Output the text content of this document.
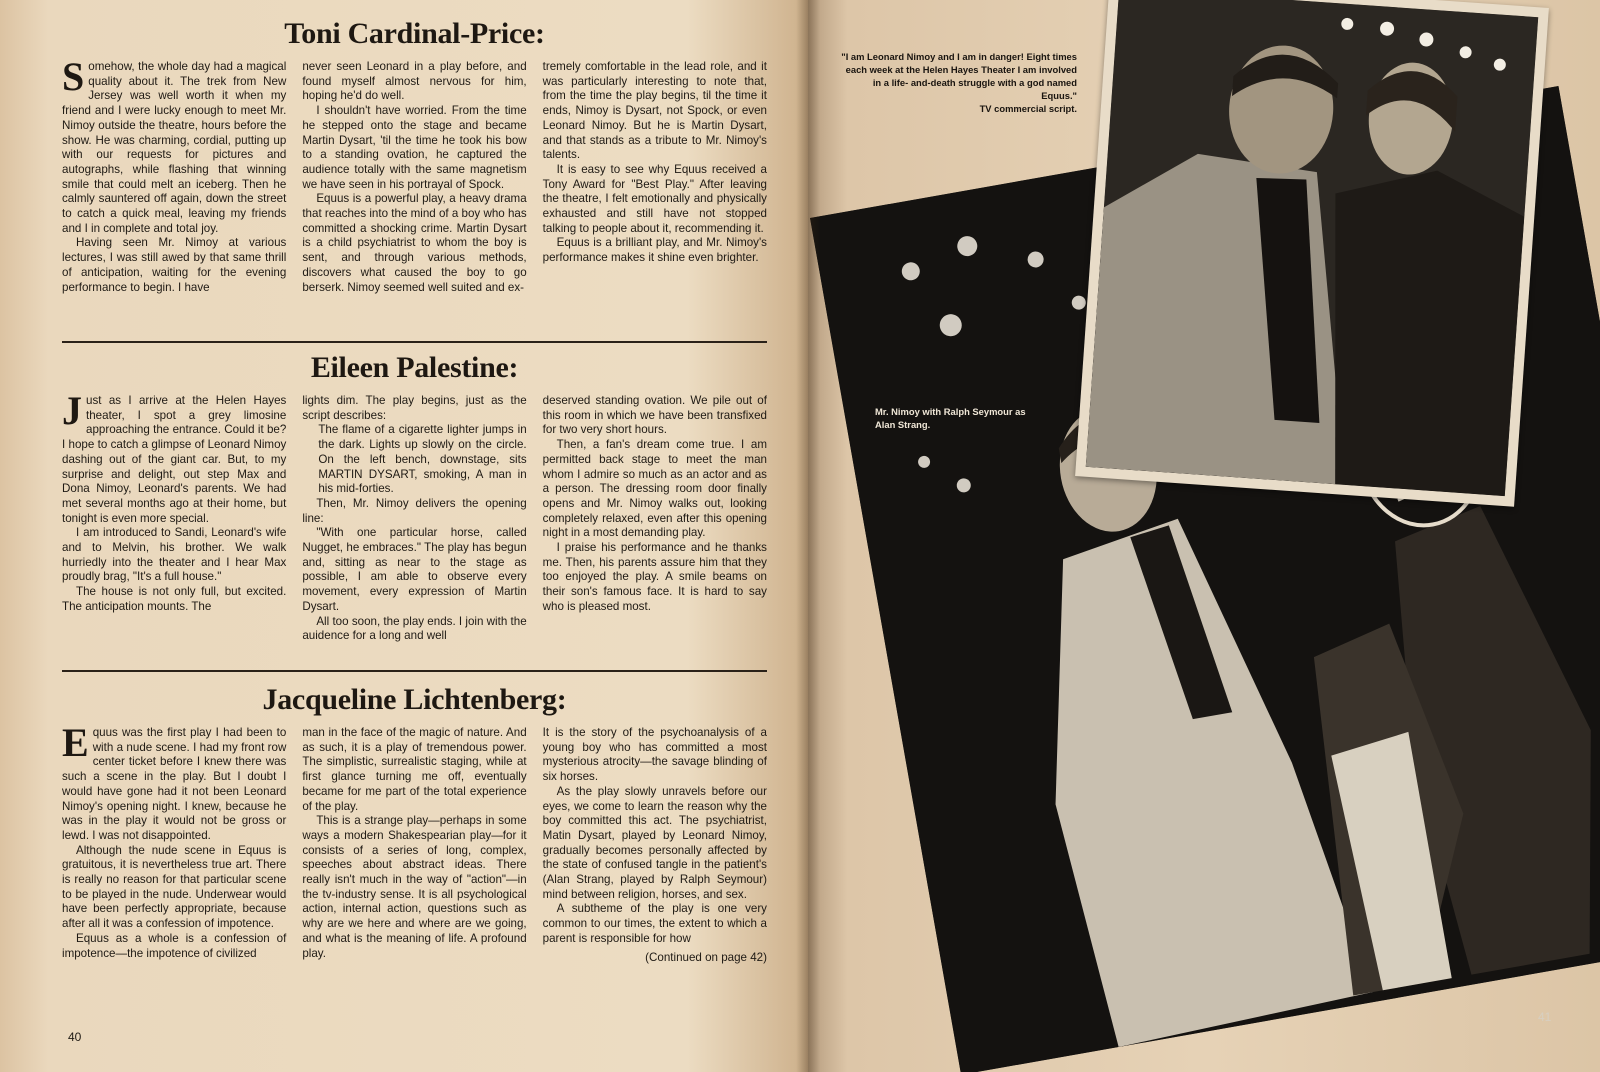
Toni Cardinal-Price:

Somehow, the whole day had a magical quality about it. The trek from New Jersey was well worth it when my friend and I were lucky enough to meet Mr. Nimoy outside the theatre, hours before the show. He was charming, cordial, putting up with our requests for pictures and autographs, while flashing that winning smile that could melt an iceberg. Then he calmly sauntered off again, down the street to catch a quick meal, leaving my friends and I in complete and total joy.

Having seen Mr. Nimoy at various lectures, I was still awed by that same thrill of anticipation, waiting for the evening performance to begin. I have

never seen Leonard in a play before, and found myself almost nervous for him, hoping he'd do well.

I shouldn't have worried. From the time he stepped onto the stage and became Martin Dysart, 'til the time he took his bow to a standing ovation, he captured the audience totally with the same magnetism we have seen in his portrayal of Spock.

Equus is a powerful play, a heavy drama that reaches into the mind of a boy who has committed a shocking crime. Martin Dysart is a child psychiatrist to whom the boy is sent, and through various methods, discovers what caused the boy to go berserk. Nimoy seemed well suited and ex-

tremely comfortable in the lead role, and it was particularly interesting to note that, from the time the play begins, til the time it ends, Nimoy is Dysart, not Spock, or even Leonard Nimoy. But he is Martin Dysart, and that stands as a tribute to Mr. Nimoy's talents.

It is easy to see why Equus received a Tony Award for "Best Play." After leaving the theatre, I felt emotionally and physically exhausted and still have not stopped talking to people about it, recommending it.

Equus is a brilliant play, and Mr. Nimoy's performance makes it shine even brighter.

Eileen Palestine:

Just as I arrive at the Helen Hayes theater, I spot a grey limosine approaching the entrance. Could it be? I hope to catch a glimpse of Leonard Nimoy dashing out of the giant car. But, to my surprise and delight, out step Max and Dona Nimoy, Leonard's parents. We had met several months ago at their home, but tonight is even more special.

I am introduced to Sandi, Leonard's wife and to Melvin, his brother. We walk hurriedly into the theater and I hear Max proudly brag, "It's a full house."

The house is not only full, but excited. The anticipation mounts. The

lights dim. The play begins, just as the script describes:

The flame of a cigarette lighter jumps in the dark. Lights up slowly on the circle. On the left bench, downstage, sits MARTIN DYSART, smoking, A man in his mid-forties.

Then, Mr. Nimoy delivers the opening line:

"With one particular horse, called Nugget, he embraces." The play has begun and, sitting as near to the stage as possible, I am able to observe every movement, every expression of Martin Dysart.

All too soon, the play ends. I join with the auidence for a long and well

deserved standing ovation. We pile out of this room in which we have been transfixed for two very short hours.

Then, a fan's dream come true. I am permitted back stage to meet the man whom I admire so much as an actor and as a person. The dressing room door finally opens and Mr. Nimoy walks out, looking completely relaxed, even after this opening night in a most demanding play.

I praise his performance and he thanks me. Then, his parents assure him that they too enjoyed the play. A smile beams on their son's famous face. It is hard to say who is pleased most.

Jacqueline Lichtenberg:

Equus was the first play I had been to with a nude scene. I had my front row center ticket before I knew there was such a scene in the play. But I doubt I would have gone had it not been Leonard Nimoy's opening night. I knew, because he was in the play it would not be gross or lewd. I was not disappointed.

Although the nude scene in Equus is gratuitous, it is nevertheless true art. There is really no reason for that particular scene to be played in the nude. Underwear would have been perfectly appropriate, because after all it was a confession of impotence.

Equus as a whole is a confession of impotence—the impotence of civilized

man in the face of the magic of nature. And as such, it is a play of tremendous power. The simplistic, surrealistic staging, while at first glance turning me off, eventually became for me part of the total experience of the play.

This is a strange play—perhaps in some ways a modern Shakespearian play—for it consists of a series of long, complex, speeches about abstract ideas. There really isn't much in the way of "action"—in the tv-industry sense. It is all psychological action, internal action, questions such as why are we here and where are we going, and what is the meaning of life. A profound play.

It is the story of the psychoanalysis of a young boy who has committed a most mysterious atrocity—the savage blinding of six horses.

As the play slowly unravels before our eyes, we come to learn the reason why the boy committed this act. The psychiatrist, Matin Dysart, played by Leonard Nimoy, gradually becomes personally affected by the state of confused tangle in the patient's (Alan Strang, played by Ralph Seymour) mind between religion, horses, and sex.

A subtheme of the play is one very common to our times, the extent to which a parent is responsible for how

(Continued on page 42)
40
41
"I am Leonard Nimoy and I am in danger! Eight times each week at the Helen Hayes Theater I am involved in a life- and-death struggle with a god named Equus."
TV commercial script.
Mr. Nimoy with Ralph Seymour as Alan Strang.
